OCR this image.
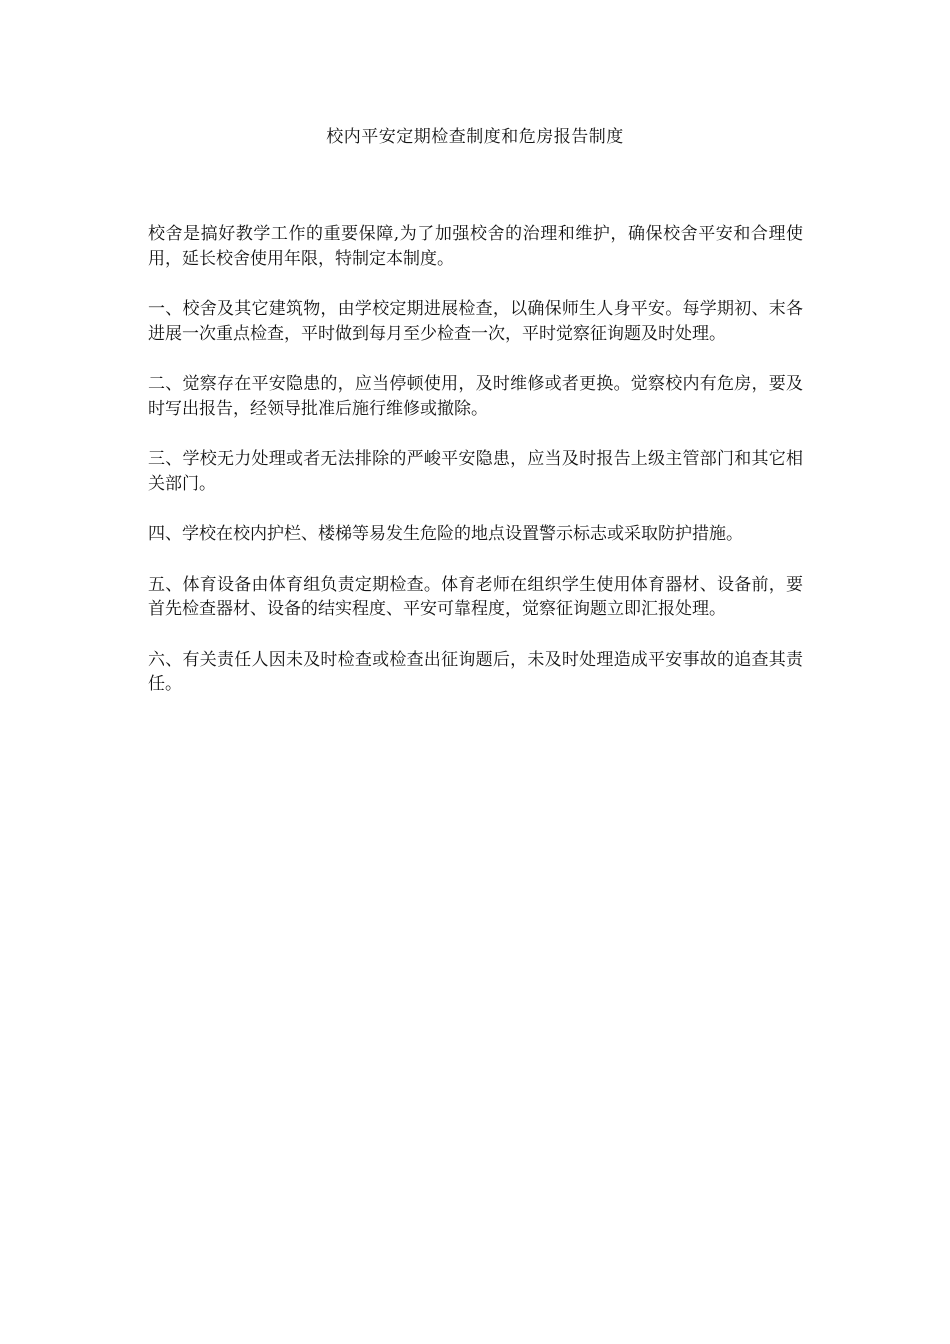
校内平安定期检查制度和危房报告制度

校舍是搞好教学工作的重要保障,为了加强校舍的治理和维护，确保校舍平安和合理使用，延长校舍使用年限，特制定本制度。

一、校舍及其它建筑物，由学校定期进展检查，以确保师生人身平安。每学期初、末各进展一次重点检查，平时做到每月至少检查一次，平时觉察征询题及时处理。

二、觉察存在平安隐患的，应当停顿使用，及时维修或者更换。觉察校内有危房，要及时写出报告，经领导批准后施行维修或撤除。

三、学校无力处理或者无法排除的严峻平安隐患，应当及时报告上级主管部门和其它相关部门。

四、学校在校内护栏、楼梯等易发生危险的地点设置警示标志或采取防护措施。

五、体育设备由体育组负责定期检查。体育老师在组织学生使用体育器材、设备前，要首先检查器材、设备的结实程度、平安可靠程度，觉察征询题立即汇报处理。

六、有关责任人因未及时检查或检查出征询题后，未及时处理造成平安事故的追查其责任。
